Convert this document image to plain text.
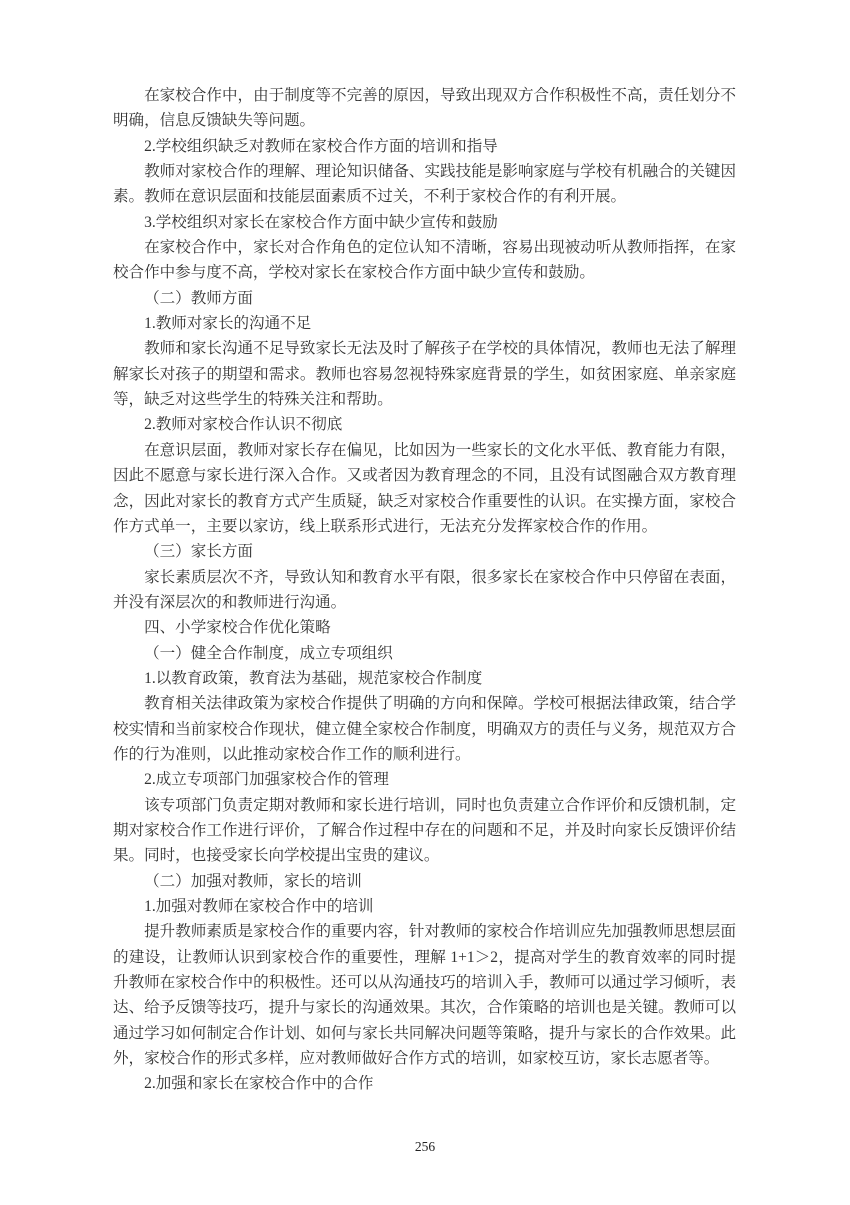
在家校合作中，由于制度等不完善的原因，导致出现双方合作积极性不高，责任划分不明确，信息反馈缺失等问题。

2.学校组织缺乏对教师在家校合作方面的培训和指导

教师对家校合作的理解、理论知识储备、实践技能是影响家庭与学校有机融合的关键因素。教师在意识层面和技能层面素质不过关，不利于家校合作的有利开展。

3.学校组织对家长在家校合作方面中缺少宣传和鼓励

在家校合作中，家长对合作角色的定位认知不清晰，容易出现被动听从教师指挥，在家校合作中参与度不高，学校对家长在家校合作方面中缺少宣传和鼓励。

（二）教师方面

1.教师对家长的沟通不足

教师和家长沟通不足导致家长无法及时了解孩子在学校的具体情况，教师也无法了解理解家长对孩子的期望和需求。教师也容易忽视特殊家庭背景的学生，如贫困家庭、单亲家庭等，缺乏对这些学生的特殊关注和帮助。

2.教师对家校合作认识不彻底

在意识层面，教师对家长存在偏见，比如因为一些家长的文化水平低、教育能力有限，因此不愿意与家长进行深入合作。又或者因为教育理念的不同，且没有试图融合双方教育理念，因此对家长的教育方式产生质疑，缺乏对家校合作重要性的认识。在实操方面，家校合作方式单一，主要以家访，线上联系形式进行，无法充分发挥家校合作的作用。

（三）家长方面

家长素质层次不齐，导致认知和教育水平有限，很多家长在家校合作中只停留在表面，并没有深层次的和教师进行沟通。

四、小学家校合作优化策略

（一）健全合作制度，成立专项组织

1.以教育政策，教育法为基础，规范家校合作制度

教育相关法律政策为家校合作提供了明确的方向和保障。学校可根据法律政策，结合学校实情和当前家校合作现状，健立健全家校合作制度，明确双方的责任与义务，规范双方合作的行为准则，以此推动家校合作工作的顺利进行。

2.成立专项部门加强家校合作的管理

该专项部门负责定期对教师和家长进行培训，同时也负责建立合作评价和反馈机制，定期对家校合作工作进行评价，了解合作过程中存在的问题和不足，并及时向家长反馈评价结果。同时，也接受家长向学校提出宝贵的建议。

（二）加强对教师，家长的培训

1.加强对教师在家校合作中的培训

提升教师素质是家校合作的重要内容，针对教师的家校合作培训应先加强教师思想层面的建设，让教师认识到家校合作的重要性，理解 1+1＞2，提高对学生的教育效率的同时提升教师在家校合作中的积极性。还可以从沟通技巧的培训入手，教师可以通过学习倾听，表达、给予反馈等技巧，提升与家长的沟通效果。其次，合作策略的培训也是关键。教师可以通过学习如何制定合作计划、如何与家长共同解决问题等策略，提升与家长的合作效果。此外，家校合作的形式多样，应对教师做好合作方式的培训，如家校互访，家长志愿者等。

2.加强和家长在家校合作中的合作

256
